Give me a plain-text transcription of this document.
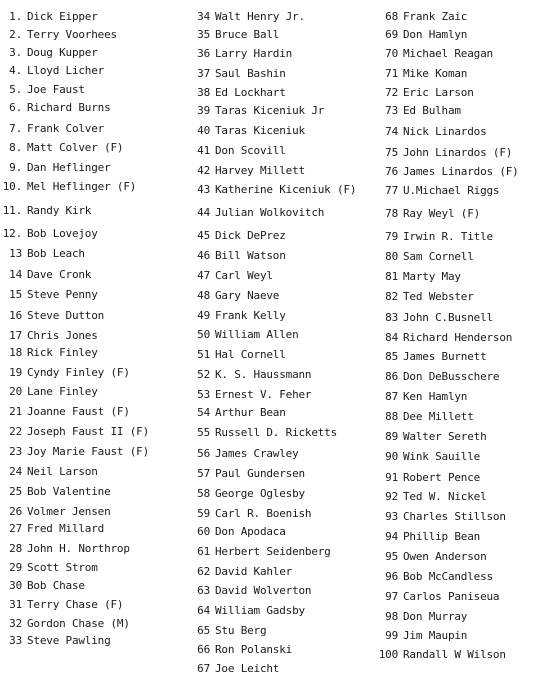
1. Dick Eipper
2. Terry Voorhees
3. Doug Kupper
4. Lloyd Licher
5. Joe Faust
6. Richard Burns
7. Frank Colver
8. Matt Colver (F)
9. Dan Heflinger
10. Mel Heflinger (F)
11. Randy Kirk
12. Bob Lovejoy
13 Bob Leach
14 Dave Cronk
15 Steve Penny
16 Steve Dutton
17 Chris Jones
18 Rick Finley
19 Cyndy Finley (F)
20 Lane Finley
21 Joanne Faust (F)
22 Joseph Faust II (F)
23 Joy Marie Faust (F)
24 Neil Larson
25 Bob Valentine
26 Volmer Jensen
27 Fred Millard
28 John H. Northrop
29 Scott Strom
30 Bob Chase
31 Terry Chase (F)
32 Gordon Chase (M)
33 Steve Pawling
34 Walt Henry Jr.
35 Bruce Ball
36 Larry Hardin
37 Saul Bashin
38 Ed Lockhart
39 Taras Kiceniuk Jr
40 Taras Kiceniuk
41 Don Scovill
42 Harvey Millett
43 Katherine Kiceniuk (F)
44 Julian Wolkovitch
45 Dick DePrez
46 Bill Watson
47 Carl Weyl
48 Gary Naeve
49 Frank Kelly
50 William Allen
51 Hal Cornell
52 K. S. Haussmann
53 Ernest V. Feher
54 Arthur Bean
55 Russell D. Ricketts
56 James Crawley
57 Paul Gundersen
58 George Oglesby
59 Carl R. Boenish
60 Don Apodaca
61 Herbert Seidenberg
62 David Kahler
63 David Wolverton
64 William Gadsby
65 Stu Berg
66 Ron Polanski
67 Joe Leicht
68 Frank Zaic
69 Don Hamlyn
70 Michael Reagan
71 Mike Koman
72 Eric Larson
73 Ed Bulham
74 Nick Linardos
75 John Linardos (F)
76 James Linardos (F)
77 U.Michael Riggs
78 Ray Weyl (F)
79 Irwin R. Title
80 Sam Cornell
81 Marty May
82 Ted Webster
83 John C.Busnell
84 Richard Henderson
85 James Burnett
86 Don DeBusschere
87 Ken Hamlyn
88 Dee Millett
89 Walter Sereth
90 Wink Sauille
91 Robert Pence
92 Ted W. Nickel
93 Charles Stillson
94 Phillip Bean
95 Owen Anderson
96 Bob McCandless
97 Carlos Paniseua
98 Don Murray
99 Jim Maupin
100 Randall W Wilson
